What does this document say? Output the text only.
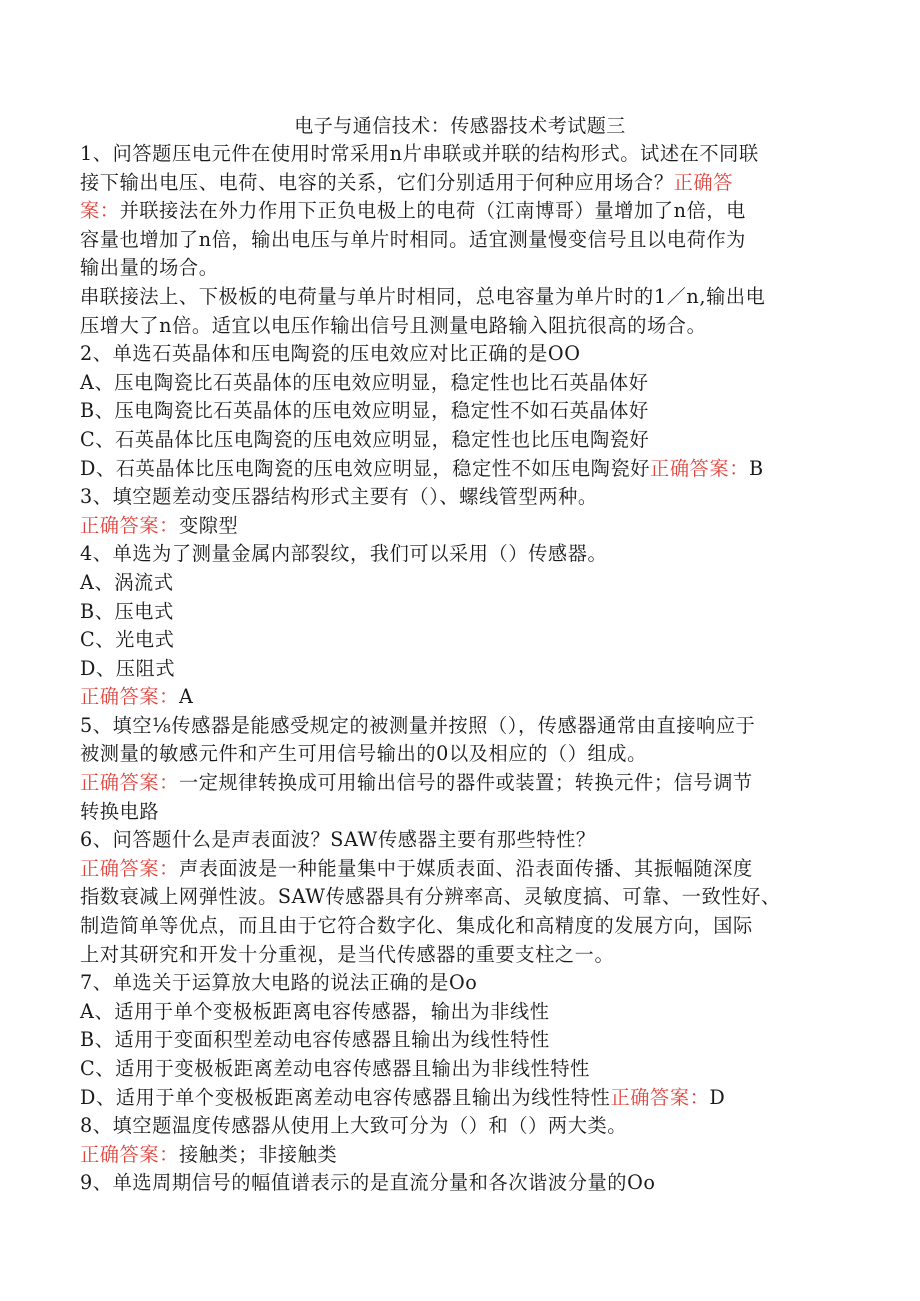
电子与通信技术：传感器技术考试题三
1、问答题压电元件在使用时常采用n片串联或并联的结构形式。试述在不同联
接下输出电压、电荷、电容的关系，它们分别适用于何种应用场合？正确答
案：并联接法在外力作用下正负电极上的电荷（江南博哥）量增加了n倍，电
容量也增加了n倍，输出电压与单片时相同。适宜测量慢变信号且以电荷作为
输出量的场合。
串联接法上、下极板的电荷量与单片时相同，总电容量为单片时的1／n,输出电
压增大了n倍。适宜以电压作输出信号且测量电路输入阻抗很高的场合。
2、单选石英晶体和压电陶瓷的压电效应对比正确的是OO
A、压电陶瓷比石英晶体的压电效应明显，稳定性也比石英晶体好
B、压电陶瓷比石英晶体的压电效应明显，稳定性不如石英晶体好
C、石英晶体比压电陶瓷的压电效应明显，稳定性也比压电陶瓷好
D、石英晶体比压电陶瓷的压电效应明显，稳定性不如压电陶瓷好正确答案：B
3、填空题差动变压器结构形式主要有（）、螺线管型两种。
正确答案：变隙型
4、单选为了测量金属内部裂纹，我们可以采用（）传感器。
A、涡流式
B、压电式
C、光电式
D、压阻式
正确答案：A
5、填空⅛传感器是能感受规定的被测量并按照（），传感器通常由直接响应于
被测量的敏感元件和产生可用信号输出的0以及相应的（）组成。
正确答案：一定规律转换成可用输出信号的器件或装置；转换元件；信号调节
转换电路
6、问答题什么是声表面波？SAW传感器主要有那些特性？
正确答案：声表面波是一种能量集中于媒质表面、沿表面传播、其振幅随深度
指数衰减上网弹性波。SAW传感器具有分辨率高、灵敏度搞、可靠、一致性好、
制造简单等优点，而且由于它符合数字化、集成化和高精度的发展方向，国际
上对其研究和开发十分重视，是当代传感器的重要支柱之一。
7、单选关于运算放大电路的说法正确的是Oo
A、适用于单个变极板距离电容传感器，输出为非线性
B、适用于变面积型差动电容传感器且输出为线性特性
C、适用于变极板距离差动电容传感器且输出为非线性特性
D、适用于单个变极板距离差动电容传感器且输出为线性特性正确答案：D
8、填空题温度传感器从使用上大致可分为（）和（）两大类。
正确答案：接触类；非接触类
9、单选周期信号的幅值谱表示的是直流分量和各次谐波分量的Oo
